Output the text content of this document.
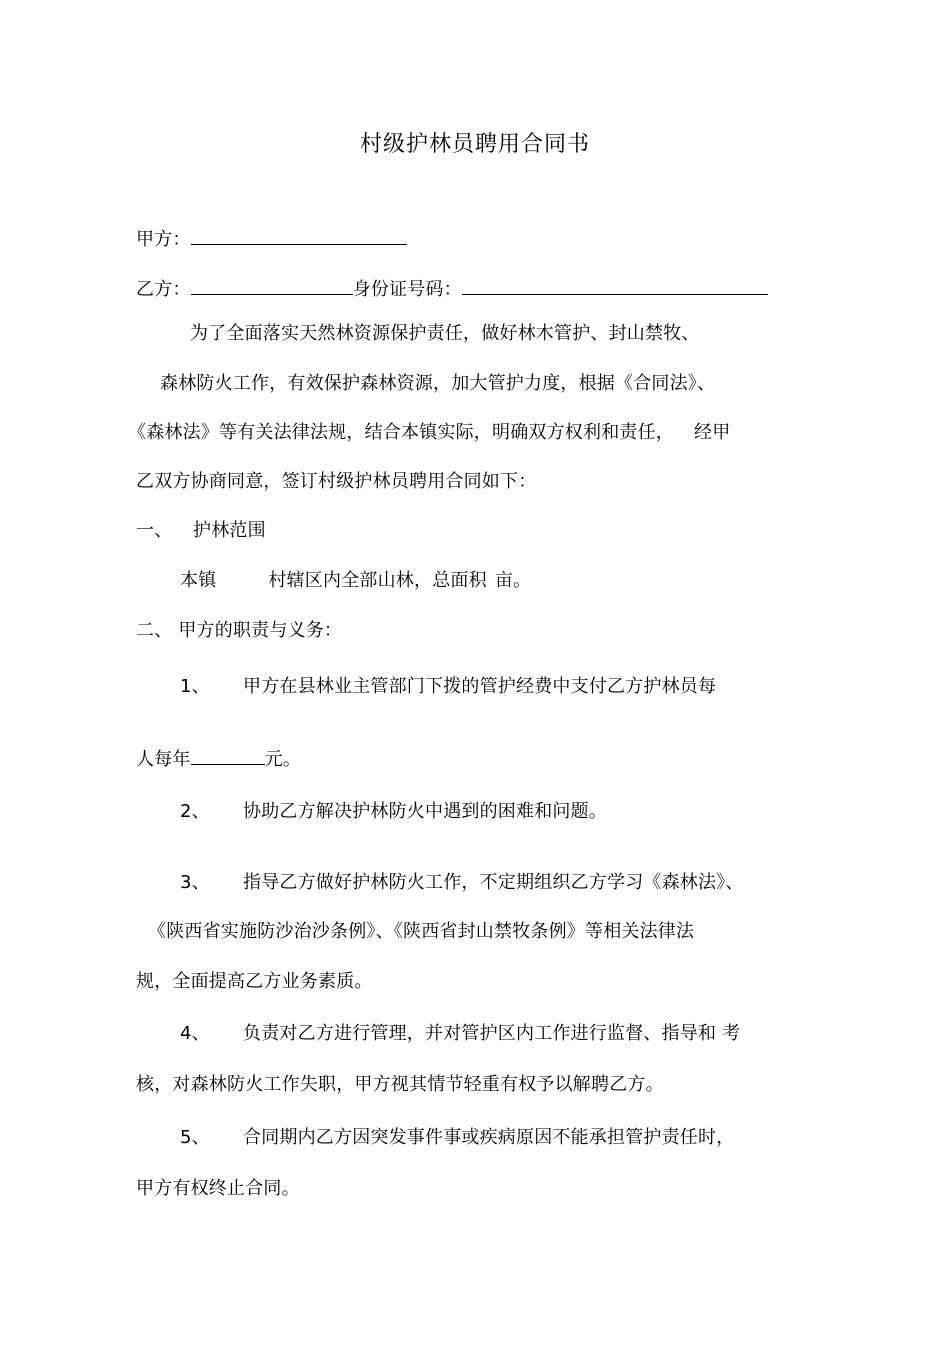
村级护林员聘用合同书
甲方：
乙方：	身份证号码：
为了全面落实天然林资源保护责任，做好林木管护、封山禁牧、
森林防火工作，有效保护森林资源，加大管护力度，根据《合同法》、
《森林法》等有关法律法规，结合本镇实际，明确双方权利和责任， 经甲
乙双方协商同意，签订村级护林员聘用合同如下：
一、 护林范围
本镇	村辖区内全部山林，总面积 亩。
二、 甲方的职责与义务：
1、 甲方在县林业主管部门下拨的管护经费中支付乙方护林员每
人每年	元。
2、 协助乙方解决护林防火中遇到的困难和问题。
3、 指导乙方做好护林防火工作，不定期组织乙方学习《森林法》、
《陕西省实施防沙治沙条例》、《陕西省封山禁牧条例》等相关法律法
规，全面提高乙方业务素质。
4、 负责对乙方进行管理，并对管护区内工作进行监督、指导和 考
核，对森林防火工作失职，甲方视其情节轻重有权予以解聘乙方。
5、 合同期内乙方因突发事件事或疾病原因不能承担管护责任时，
甲方有权终止合同。
